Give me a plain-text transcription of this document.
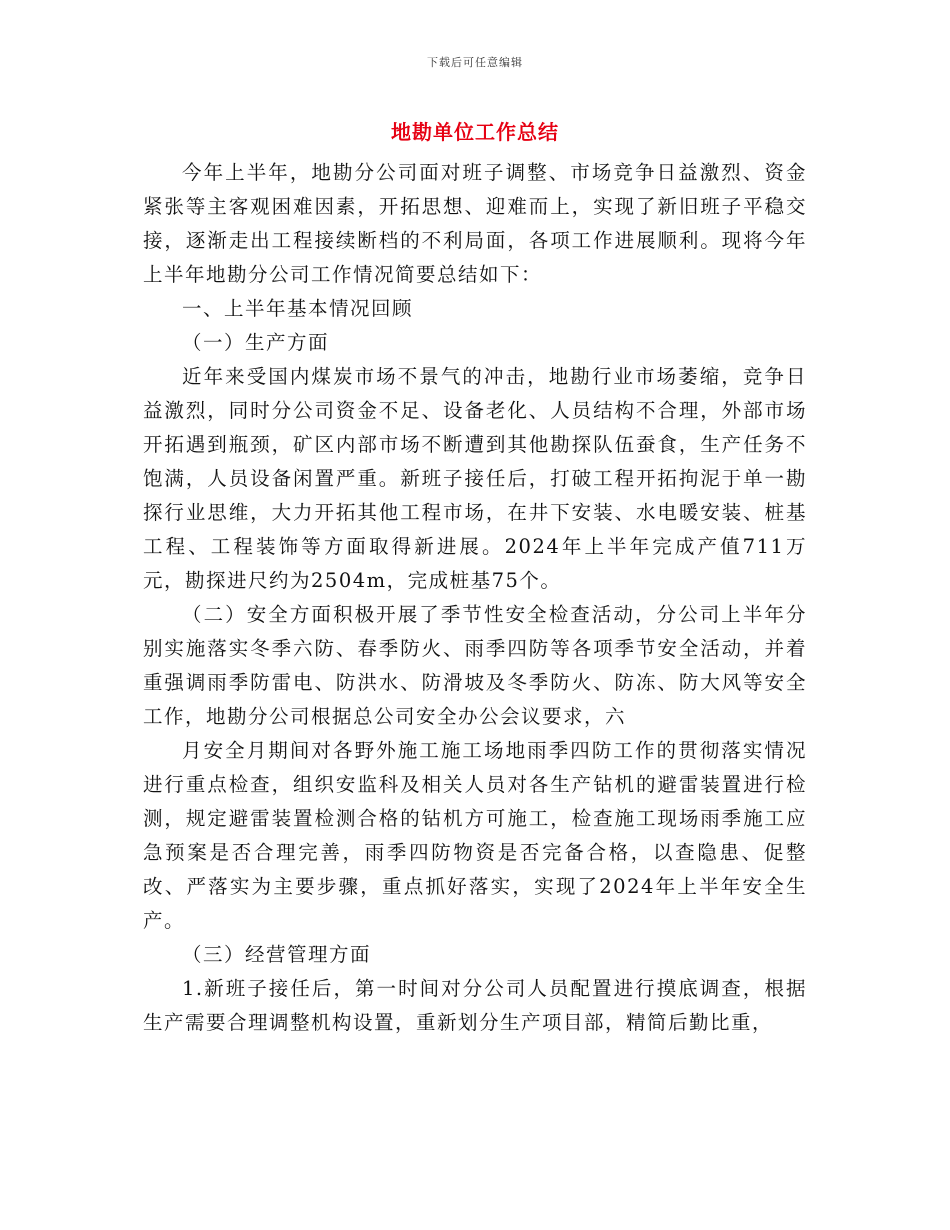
下载后可任意编辑
地勘单位工作总结

今年上半年，地勘分公司面对班子调整、市场竞争日益激烈、资金紧张等主客观困难因素，开拓思想、迎难而上，实现了新旧班子平稳交接，逐渐走出工程接续断档的不利局面，各项工作进展顺利。现将今年上半年地勘分公司工作情况简要总结如下：

一、上半年基本情况回顾

（一）生产方面

近年来受国内煤炭市场不景气的冲击，地勘行业市场萎缩，竞争日益激烈，同时分公司资金不足、设备老化、人员结构不合理，外部市场开拓遇到瓶颈，矿区内部市场不断遭到其他勘探队伍蚕食，生产任务不饱满，人员设备闲置严重。新班子接任后，打破工程开拓拘泥于单一勘探行业思维，大力开拓其他工程市场，在井下安装、水电暖安装、桩基工程、工程装饰等方面取得新进展。2024年上半年完成产值711万元，勘探进尺约为2504m，完成桩基75个。

（二）安全方面积极开展了季节性安全检查活动，分公司上半年分别实施落实冬季六防、春季防火、雨季四防等各项季节安全活动，并着重强调雨季防雷电、防洪水、防滑坡及冬季防火、防冻、防大风等安全工作，地勘分公司根据总公司安全办公会议要求，六

月安全月期间对各野外施工施工场地雨季四防工作的贯彻落实情况进行重点检查，组织安监科及相关人员对各生产钻机的避雷装置进行检测，规定避雷装置检测合格的钻机方可施工，检查施工现场雨季施工应急预案是否合理完善，雨季四防物资是否完备合格，以查隐患、促整改、严落实为主要步骤，重点抓好落实，实现了2024年上半年安全生产。

（三）经营管理方面

1.新班子接任后，第一时间对分公司人员配置进行摸底调查，根据生产需要合理调整机构设置，重新划分生产项目部，精简后勤比重，
